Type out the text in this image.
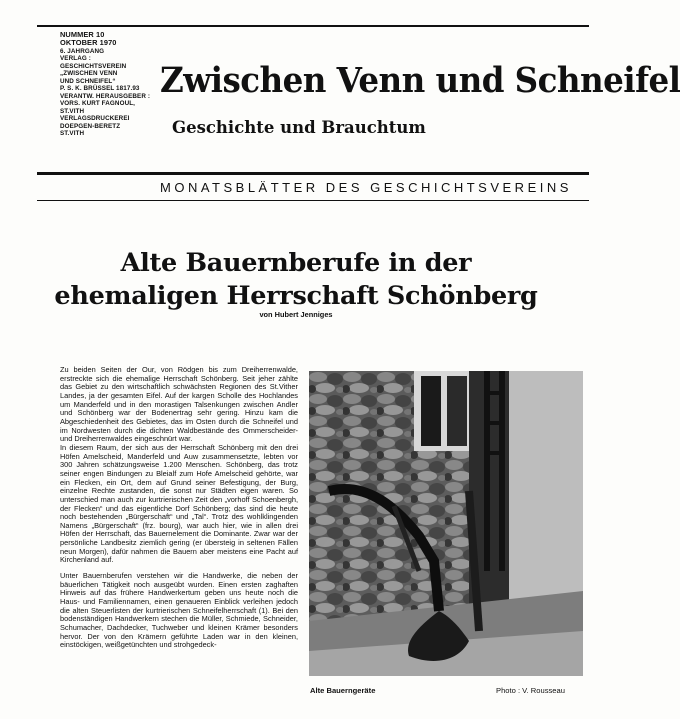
NUMMER 10
OKTOBER 1970
6. JAHRGANG
VERLAG :
GESCHICHTSVEREIN
„ZWISCHEN VENN
UND SCHNEIFEL“
P. S. K. BRÜSSEL 1817.93
VERANTW. HERAUSGEBER :
VORS. KURT FAGNOUL,
ST.VITH
VERLAGSDRUCKEREI
DOEPGEN-BERETZ
ST.VITH
Zwischen Venn und Schneifel
Geschichte und Brauchtum
MONATSBLÄTTER DES GESCHICHTSVEREINS
Alte Bauernberufe in der
ehemaligen Herrschaft Schönberg
von Hubert Jenniges

Zu beiden Seiten der Our, von Rödgen bis zum Dreiherrenwalde, erstreckte sich die ehemalige Herrschaft Schönberg. Seit jeher zählte das Gebiet zu den wirtschaftlich schwächsten Regionen des St.Vither Landes, ja der gesamten Eifel. Auf der kargen Scholle des Hochlandes um Manderfeld und in den morastigen Talsenkungen zwischen Andler und Schönberg war der Bodenertrag sehr gering. Hinzu kam die Abgeschiedenheit des Gebietes, das im Osten durch die Schneifel und im Nordwesten durch die dichten Waldbestände des Ommerscheider- und Dreiherrenwaldes eingeschnürt war.

In diesem Raum, der sich aus der Herrschaft Schönberg mit den drei Höfen Amelscheid, Manderfeld und Auw zusammensetzte, lebten vor 300 Jahren schätzungsweise 1.200 Menschen. Schönberg, das trotz seiner engen Bindungen zu Bleialf zum Hofe Amelscheid gehörte, war ein Flecken, ein Ort, dem auf Grund seiner Befestigung, der Burg, einzelne Rechte zustanden, die sonst nur Städten eigen waren. So unterschied man auch zur kurtrierischen Zeit den „vorhoff Schoenbergh, der Flecken“ und das eigentliche Dorf Schönberg; das sind die heute noch bestehenden „Bürgerschaft“ und „Tal“. Trotz des wohlklingenden Namens „Bürgerschaft“ (frz. bourg), war auch hier, wie in allen drei Höfen der Herrschaft, das Bauernelement die Dominante. Zwar war der persönliche Landbesitz ziemlich gering (er übersteig in seltenen Fällen neun Morgen), dafür nahmen die Bauern aber meistens eine Pacht auf Kirchenland auf.

Unter Bauernberufen verstehen wir die Handwerke, die neben der bäuerlichen Tätigkeit noch ausgeübt wurden. Einen ersten zaghaften Hinweis auf das frühere Handwerkertum geben uns heute noch die Haus- und Familiennamen, einen genaueren Einblick verleihen jedoch die alten Steuerlisten der kurtrierischen Schneifelherrschaft (1). Bei den bodenständigen Handwerkern stechen die Müller, Schmiede, Schneider, Schumacher, Dachdecker, Tuchweber und kleinen Krämer besonders hervor. Der von den Krämern geführte Laden war in den kleinen, einstöckigen, weißgetünchten und strohgedeck-

Alte Bauerngeräte	Photo : V. Rousseau
